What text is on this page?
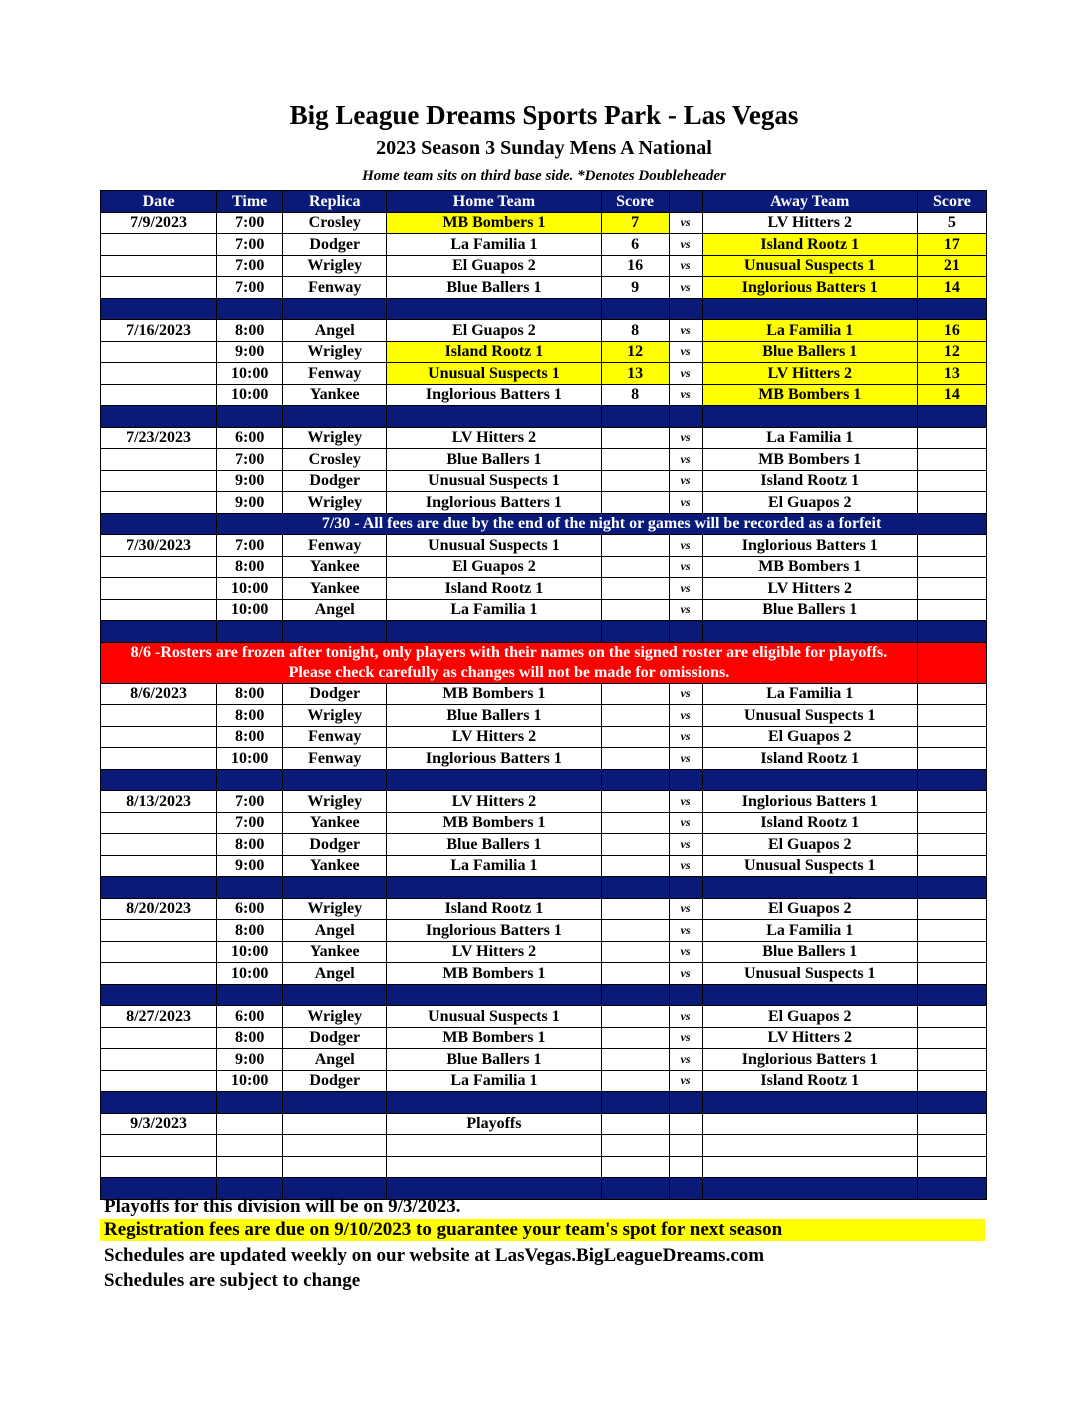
Big League Dreams Sports Park - Las Vegas
2023 Season 3 Sunday Mens A National
Home team sits on third base side. *Denotes Doubleheader
Date	Time	Replica	Home Team	Score		Away Team	Score
7/9/2023	7:00	Crosley	MB Bombers 1	7	vs	LV Hitters 2	5
	7:00	Dodger	La Familia 1	6	vs	Island Rootz 1	17
	7:00	Wrigley	El Guapos 2	16	vs	Unusual Suspects 1	21
	7:00	Fenway	Blue Ballers 1	9	vs	Inglorious Batters 1	14

7/16/2023	8:00	Angel	El Guapos 2	8	vs	La Familia 1	16
	9:00	Wrigley	Island Rootz 1	12	vs	Blue Ballers 1	12
	10:00	Fenway	Unusual Suspects 1	13	vs	LV Hitters 2	13
	10:00	Yankee	Inglorious Batters 1	8	vs	MB Bombers 1	14

7/23/2023	6:00	Wrigley	LV Hitters 2		vs	La Familia 1	
	7:00	Crosley	Blue Ballers 1		vs	MB Bombers 1	
	9:00	Dodger	Unusual Suspects 1		vs	Island Rootz 1	
	9:00	Wrigley	Inglorious Batters 1		vs	El Guapos 2	
	7/30 - All fees are due by the end of the night or games will be recorded as a forfeit						
7/30/2023	7:00	Fenway	Unusual Suspects 1		vs	Inglorious Batters 1	
	8:00	Yankee	El Guapos 2		vs	MB Bombers 1	
	10:00	Yankee	Island Rootz 1		vs	LV Hitters 2	
	10:00	Angel	La Familia 1		vs	Blue Ballers 1	

8/6 -Rosters are frozen after tonight, only players with their names on the signed roster are eligible for playoffs.
Please check carefully as changes will not be made for omissions.							

8/6/2023	8:00	Dodger	MB Bombers 1		vs	La Familia 1	
	8:00	Wrigley	Blue Ballers 1		vs	Unusual Suspects 1	
	8:00	Fenway	LV Hitters 2		vs	El Guapos 2	
	10:00	Fenway	Inglorious Batters 1		vs	Island Rootz 1	

8/13/2023	7:00	Wrigley	LV Hitters 2		vs	Inglorious Batters 1	
	7:00	Yankee	MB Bombers 1		vs	Island Rootz 1	
	8:00	Dodger	Blue Ballers 1		vs	El Guapos 2	
	9:00	Yankee	La Familia 1		vs	Unusual Suspects 1	

8/20/2023	6:00	Wrigley	Island Rootz 1		vs	El Guapos 2	
	8:00	Angel	Inglorious Batters 1		vs	La Familia 1	
	10:00	Yankee	LV Hitters 2		vs	Blue Ballers 1	
	10:00	Angel	MB Bombers 1		vs	Unusual Suspects 1	

8/27/2023	6:00	Wrigley	Unusual Suspects 1		vs	El Guapos 2	
	8:00	Dodger	MB Bombers 1		vs	LV Hitters 2	
	9:00	Angel	Blue Ballers 1		vs	Inglorious Batters 1	
	10:00	Dodger	La Familia 1		vs	Island Rootz 1	

9/3/2023			Playoffs				

Playoffs for this division will be on 9/3/2023.
Registration fees are due on 9/10/2023 to guarantee your team's spot for next season
Schedules are updated weekly on our website at LasVegas.BigLeagueDreams.com
Schedules are subject to change
